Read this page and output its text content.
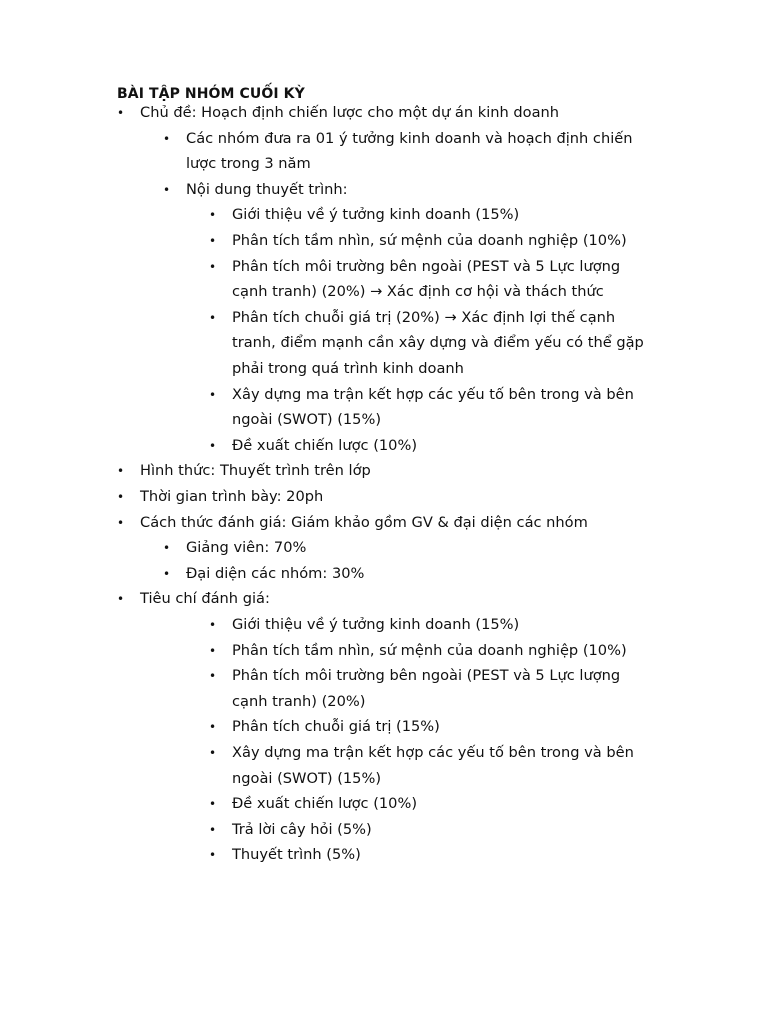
BÀI TẬP NHÓM CUỐI KỲ
• Chủ đề: Hoạch định chiến lược cho một dự án kinh doanh
• Các nhóm đưa ra 01 ý tưởng kinh doanh và hoạch định chiến
lược trong 3 năm
• Nội dung thuyết trình:
• Giới thiệu về ý tưởng kinh doanh (15%)
• Phân tích tầm nhìn, sứ mệnh của doanh nghiệp (10%)
• Phân tích môi trường bên ngoài (PEST và 5 Lực lượng
cạnh tranh) (20%) → Xác định cơ hội và thách thức
• Phân tích chuỗi giá trị (20%) → Xác định lợi thế cạnh
tranh, điểm mạnh cần xây dựng và điểm yếu có thể gặp
phải trong quá trình kinh doanh
• Xây dựng ma trận kết hợp các yếu tố bên trong và bên
ngoài (SWOT) (15%)
• Đề xuất chiến lược (10%)
• Hình thức: Thuyết trình trên lớp
• Thời gian trình bày: 20ph
• Cách thức đánh giá: Giám khảo gồm GV & đại diện các nhóm
• Giảng viên: 70%
• Đại diện các nhóm: 30%
• Tiêu chí đánh giá:
• Giới thiệu về ý tưởng kinh doanh (15%)
• Phân tích tầm nhìn, sứ mệnh của doanh nghiệp (10%)
• Phân tích môi trường bên ngoài (PEST và 5 Lực lượng
cạnh tranh) (20%)
• Phân tích chuỗi giá trị (15%)
• Xây dựng ma trận kết hợp các yếu tố bên trong và bên
ngoài (SWOT) (15%)
• Đề xuất chiến lược (10%)
• Trả lời cây hỏi (5%)
• Thuyết trình (5%)
